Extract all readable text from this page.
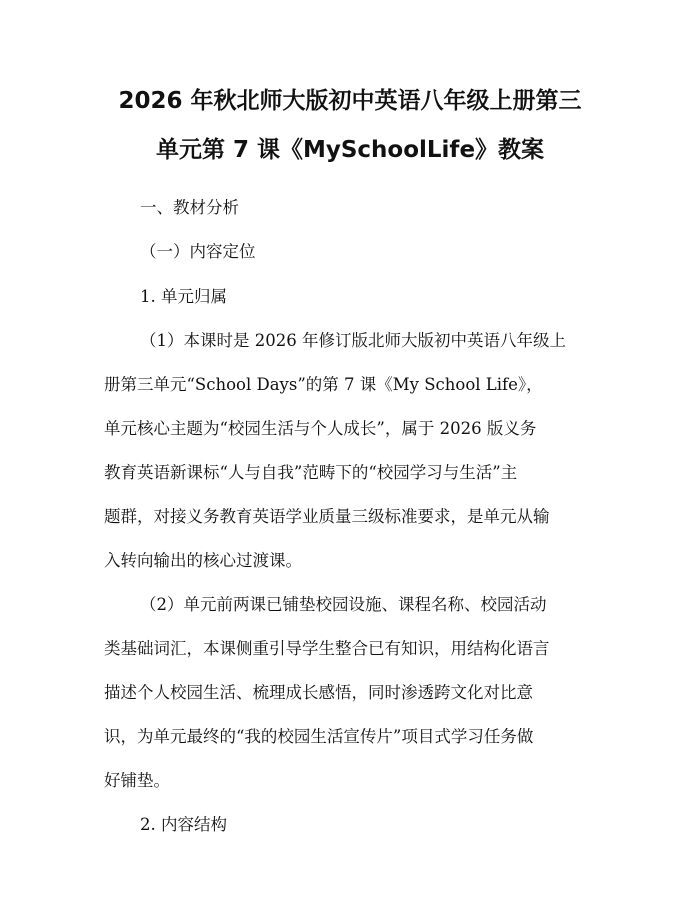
2026 年秋北师大版初中英语八年级上册第三
单元第 7 课《MySchoolLife》教案
一、教材分析
（一）内容定位
1. 单元归属
（1）本课时是 2026 年修订版北师大版初中英语八年级上
册第三单元“School Days”的第 7 课《My School Life》，
单元核心主题为“校园生活与个人成长”，属于 2026 版义务
教育英语新课标“人与自我”范畴下的“校园学习与生活”主
题群，对接义务教育英语学业质量三级标准要求，是单元从输
入转向输出的核心过渡课。
（2）单元前两课已铺垫校园设施、课程名称、校园活动
类基础词汇，本课侧重引导学生整合已有知识，用结构化语言
描述个人校园生活、梳理成长感悟，同时渗透跨文化对比意
识，为单元最终的“我的校园生活宣传片”项目式学习任务做
好铺垫。
2. 内容结构
